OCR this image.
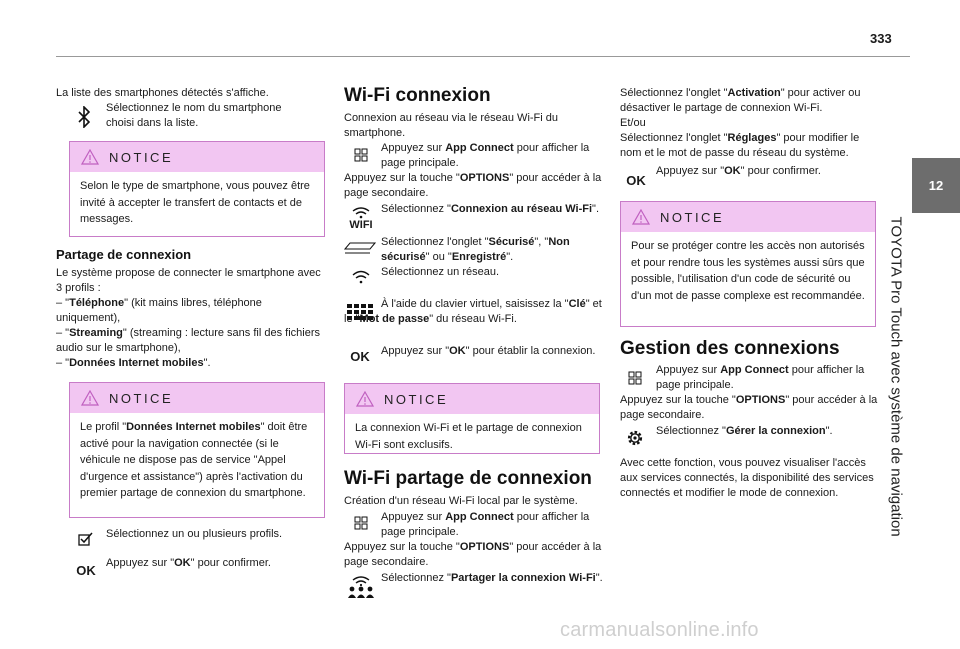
333
12
TOYOTA Pro Touch avec système de navigation

La liste des smartphones détectés s'affiche.

Sélectionnez le nom du smartphone

choisi dans la liste.

NOTICE
Selon le type de smartphone, vous pouvez être invité à accepter le transfert de contacts et de messages.
Partage de connexion

Le système propose de connecter le smartphone avec 3 profils :

– "Téléphone" (kit mains libres, téléphone uniquement),

– "Streaming" (streaming : lecture sans fil des fichiers audio sur le smartphone),

– "Données Internet mobiles".

NOTICE
Le profil "Données Internet mobiles" doit être activé pour la navigation connectée (si le véhicule ne dispose pas de service "Appel d'urgence et assistance") après l'activation du premier partage de connexion du smartphone.

Sélectionnez un ou plusieurs profils.

OK Appuyez sur "OK" pour confirmer.

Wi-Fi connexion

Connexion au réseau via le réseau Wi-Fi du smartphone.

Appuyez sur App Connect pour afficher la page principale.

Appuyez sur la touche "OPTIONS" pour accéder à la page secondaire.

WIFI

Sélectionnez "Connexion au réseau Wi-Fi".

Sélectionnez l'onglet "Sécurisé", "Non sécurisé" ou "Enregistré".

Sélectionnez un réseau.

À l'aide du clavier virtuel, saisissez la "Clé" et le "Mot de passe" du réseau Wi-Fi.

OK Appuyez sur "OK" pour établir la connexion.

NOTICE
La connexion Wi-Fi et le partage de connexion Wi-Fi sont exclusifs.
Wi-Fi partage de connexion

Création d'un réseau Wi-Fi local par le système.

Appuyez sur App Connect pour afficher la page principale.

Appuyez sur la touche "OPTIONS" pour accéder à la page secondaire.

Sélectionnez "Partager la connexion Wi-Fi".

Sélectionnez l'onglet "Activation" pour activer ou désactiver le partage de connexion Wi-Fi.

Et/ou

Sélectionnez l'onglet "Réglages" pour modifier le nom et le mot de passe du réseau du système.

OK

Appuyez sur "OK" pour confirmer.

NOTICE
Pour se protéger contre les accès non autorisés et pour rendre tous les systèmes aussi sûrs que possible, l'utilisation d'un code de sécurité ou d'un mot de passe complexe est recommandée.
Gestion des connexions

Appuyez sur App Connect pour afficher la page principale.

Appuyez sur la touche "OPTIONS" pour accéder à la page secondaire.

Sélectionnez "Gérer la connexion".

Avec cette fonction, vous pouvez visualiser l'accès aux services connectés, la disponibilité des services connectés et modifier le mode de connexion.

carmanualsonline.info
